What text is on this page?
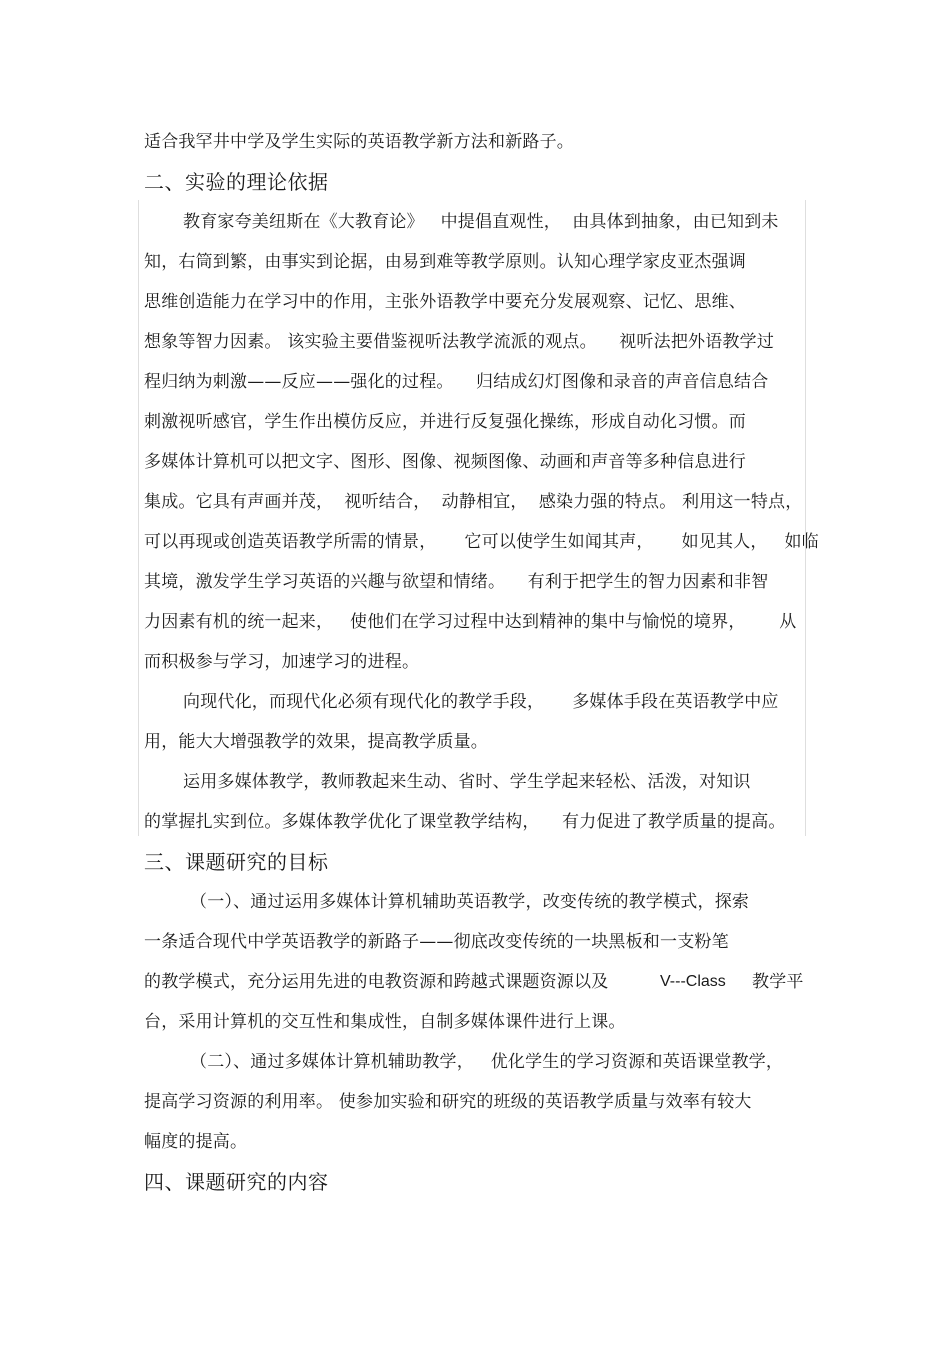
适合我罕井中学及学生实际的英语教学新方法和新路子。
二、实验的理论依据
教育家夸美纽斯在《大教育论》   中提倡直观性，  由具体到抽象，由已知到未
知，右筒到繁，由事实到论据，由易到难等教学原则。认知心理学家皮亚杰强调
思维创造能力在学习中的作用，主张外语教学中要充分发展观察、记忆、思维、
想象等智力因素。 该实验主要借鉴视听法教学流派的观点。    视听法把外语教学过
程归纳为刺激——反应——强化的过程。    归结成幻灯图像和录音的声音信息结合
刺激视听感官，学生作出模仿反应，并进行反复强化操练，形成自动化习惯。而
多媒体计算机可以把文字、图形、图像、视频图像、动画和声音等多种信息进行
集成。它具有声画并茂，  视听结合，  动静相宜，  感染力强的特点。 利用这一特点，
可以再现或创造英语教学所需的情景，     它可以使学生如闻其声，     如见其人，   如临
其境，激发学生学习英语的兴趣与欲望和情绪。    有利于把学生的智力因素和非智
力因素有机的统一起来，   使他们在学习过程中达到精神的集中与愉悦的境界，      从
而积极参与学习，加速学习的进程。
向现代化，而现代化必须有现代化的教学手段，     多媒体手段在英语教学中应
用，能大大增强教学的效果，提高教学质量。
运用多媒体教学，教师教起来生动、省时、学生学起来轻松、活泼，对知识
的掌握扎实到位。多媒体教学优化了课堂教学结构，    有力促进了教学质量的提高。
三、课题研究的目标
（一）、通过运用多媒体计算机辅助英语教学，改变传统的教学模式，探索
一条适合现代中学英语教学的新路子——彻底改变传统的一块黑板和一支粉笔
的教学模式，充分运用先进的电教资源和跨越式课题资源以及	V---Class 教学平
台，采用计算机的交互性和集成性，自制多媒体课件进行上课。
（二）、通过多媒体计算机辅助教学，   优化学生的学习资源和英语课堂教学，
提高学习资源的利用率。 使参加实验和研究的班级的英语教学质量与效率有较大
幅度的提高。
四、课题研究的内容
